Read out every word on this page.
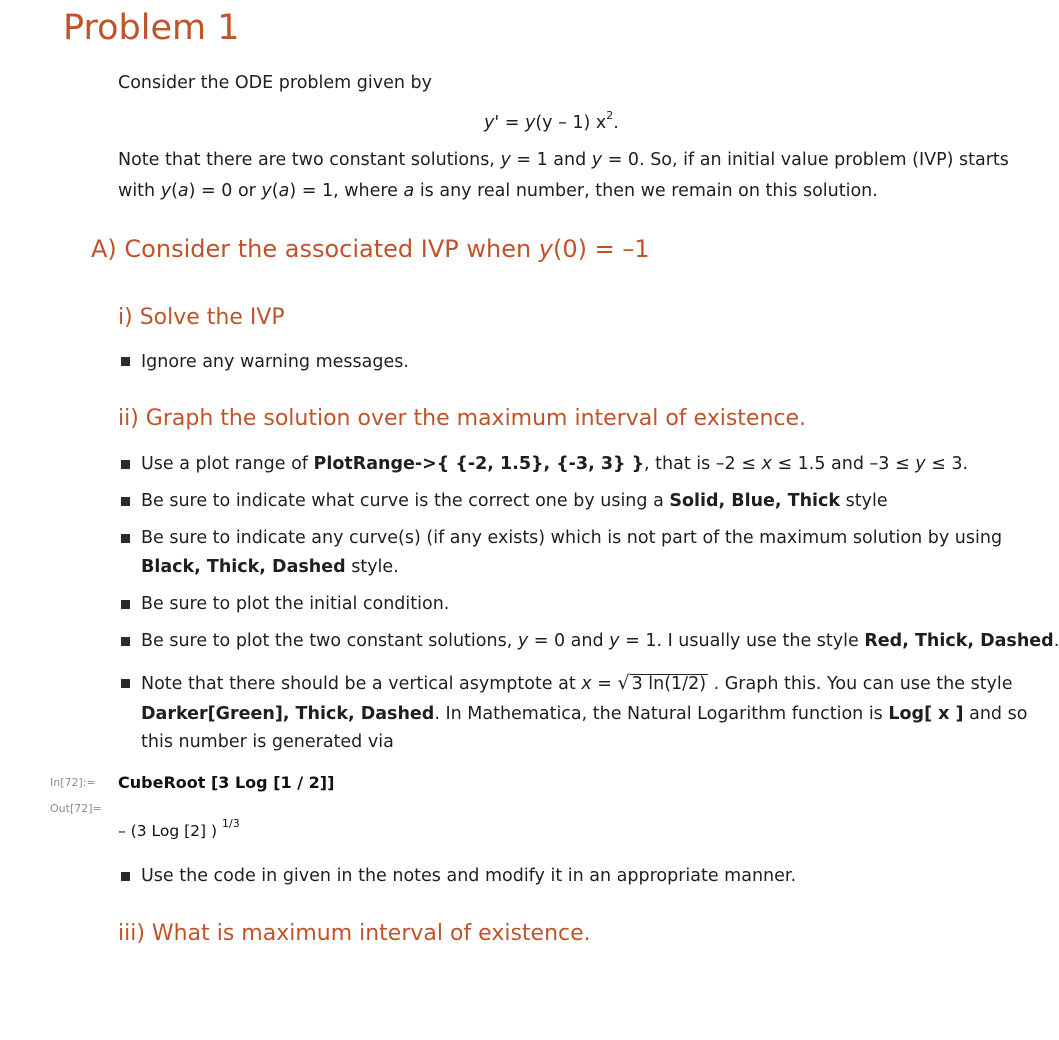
Problem 1
Consider the ODE problem given by
y' = y(y – 1) $x^2$.
Note that there are two constant solutions, y = 1 and y = 0. So, if an initial value problem (IVP) starts
with y(a) = 0 or y(a) = 1, where a is any real number, then we remain on this solution.
A) Consider the associated IVP when y(0) = –1
i) Solve the IVP
Ignore any warning messages.
ii) Graph the solution over the maximum interval of existence.
Use a plot range of PlotRange->{ {-2, 1.5}, {-3, 3} }, that is –2 ≤ x ≤ 1.5 and –3 ≤ y ≤ 3.
Be sure to indicate what curve is the correct one by using a Solid, Blue, Thick style
Be sure to indicate any curve(s) (if any exists) which is not part of the maximum solution by using
Black, Thick, Dashed style.
Be sure to plot the initial condition.
Be sure to plot the two constant solutions, y = 0 and y = 1. I usually use the style Red, Thick, Dashed.
Note that there should be a vertical asymptote at x = √ 3 ln(1/2) . Graph this. You can use the style
Darker[Green], Thick, Dashed. In Mathematica, the Natural Logarithm function is Log[ x ] and so
this number is generated via
In[72]:= CubeRoot [3 Log [1 / 2]]
Out[72]=
– (3 Log [2] ) $^{1/3}$
Use the code in given in the notes and modify it in an appropriate manner.
iii) What is maximum interval of existence.
